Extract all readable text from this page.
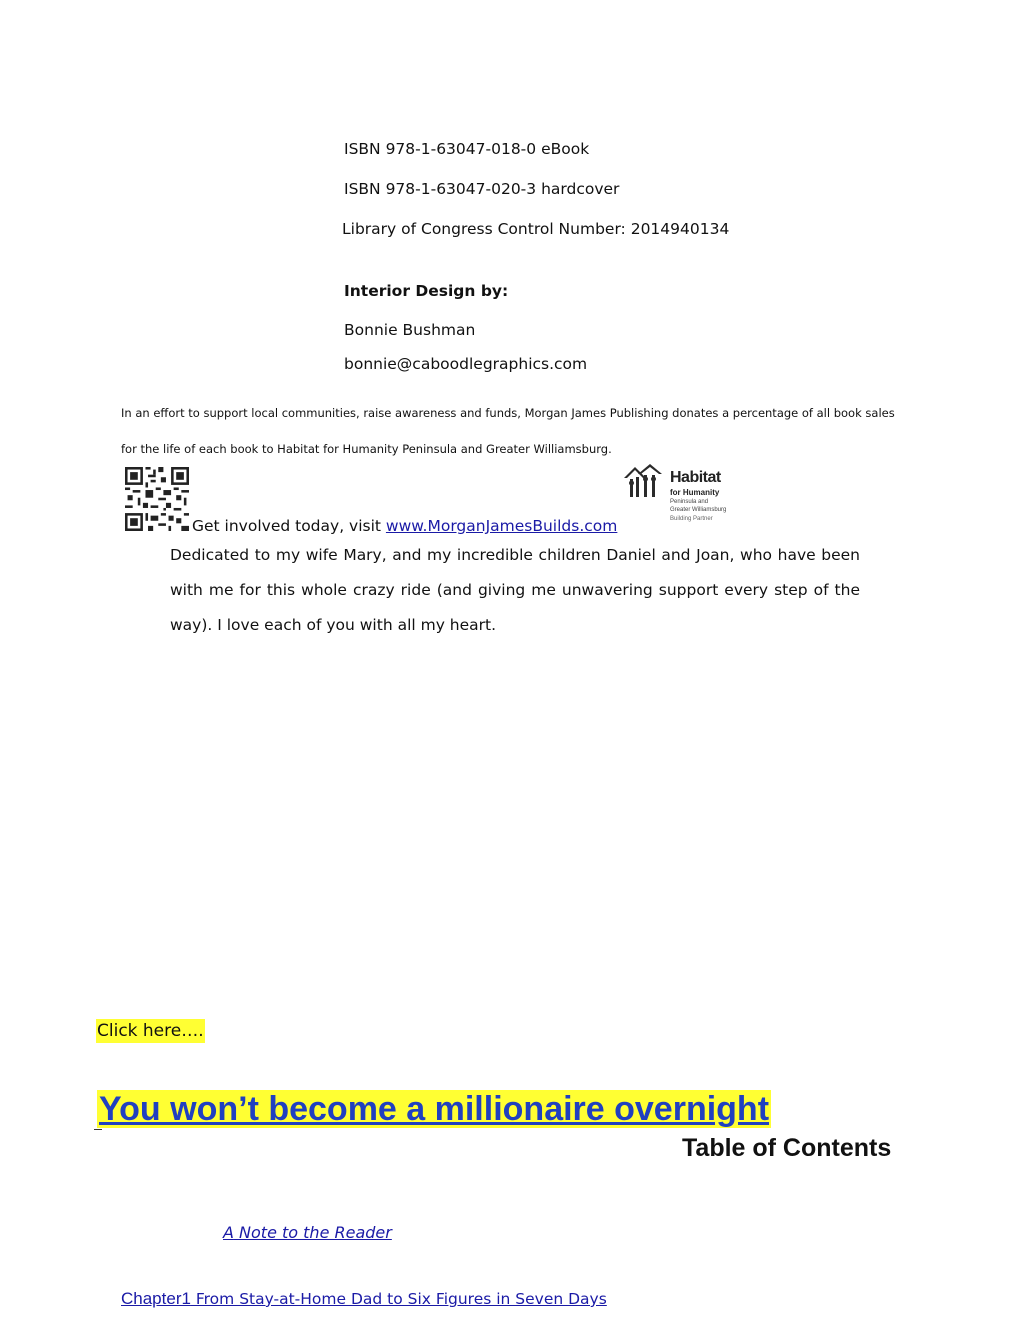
ISBN 978-1-63047-018-0 eBook
ISBN 978-1-63047-020-3 hardcover
Library of Congress Control Number: 2014940134
Interior Design by:
Bonnie Bushman
bonnie@caboodlegraphics.com
In an effort to support local communities, raise awareness and funds, Morgan James Publishing donates a percentage of all book sales
for the life of each book to Habitat for Humanity Peninsula and Greater Williamsburg.
Get involved today, visit www.MorganJamesBuilds.com
Habitat
for Humanity
Peninsula and
Greater Williamsburg
Building Partner
Dedicated to my wife Mary, and my incredible children Daniel and Joan, who have been with me for this whole crazy ride (and giving me unwavering support every step of the way). I love each of you with all my heart.
Click here….
You won’t become a millionaire overnight
Table of Contents
A Note to the Reader
Chapter1 From Stay-at-Home Dad to Six Figures in Seven Days
